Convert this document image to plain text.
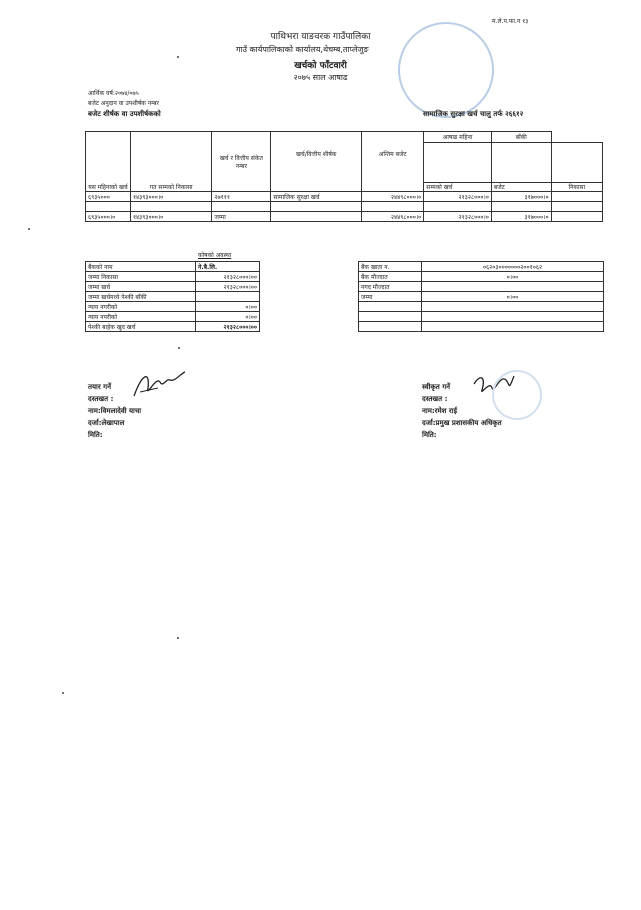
म.ले.प.फा.न १३
पाथिभरा याङवरक गाउँपालिका
गाउँ कार्यपालिकाको कार्यालय,थेचम्ब,ताप्लेजुङ
खर्चको फाँटवारी
२०७५ साल आषाढ
आर्थिक वर्ष:२०७४/०७५
बजेट अनुदान वा उपशीर्षक नम्बर
बजेट शीर्षक वा उपशीर्षकको	सामाजिक सुरक्षा खर्च चालु तर्फ २६६१२
यस महिनाको खर्च	गत सम्मको निकासा	खर्च र वित्तीय संकेत नम्बर	खर्च/वित्तीय शीर्षक	अन्तिम बजेट	आषाढ महिना	बाँकी	

					सम्मको खर्च	बजेट	निकासा
६९३५०००	१४३९३०००।०	२७१११	सामाजिक सुरक्षा खर्च	२४४९८०००।०	२१३२८०००।०	३१७०००।०	

६९३५०००।०	१४३९३०००।०	जम्मा		२४४९८०००।०	२१३२८०००।०	३१७०००।०	
कोषको अवस्था
बैंकको नाम	ने.बै.लि.
जम्मा निकासा	२१३२८०००।००
जम्मा खर्च	२१३२८०००।००
जम्मा खर्चमध्ये पेश्की बाँकी	
न्याय नगरीको	०।००
न्याय नपरीको	०।००
पेश्की बाहेक खुद खर्च	२१३२८०००।००
बैंक खाता न.	०६२०३०००००००२००१०६२
बैंक मौज्दात	०।००
नगद मौज्दात	
जम्मा	०।००

तयार गर्ने
दस्तखत :
नाम:विमलादेवी याचा
दर्जा:लेखापाल
मिति:
स्वीकृत गर्ने
दस्तखत :
नाम:रमेश राई
दर्जा:प्रमुख प्रशासकीय अधिकृत
मिति:
